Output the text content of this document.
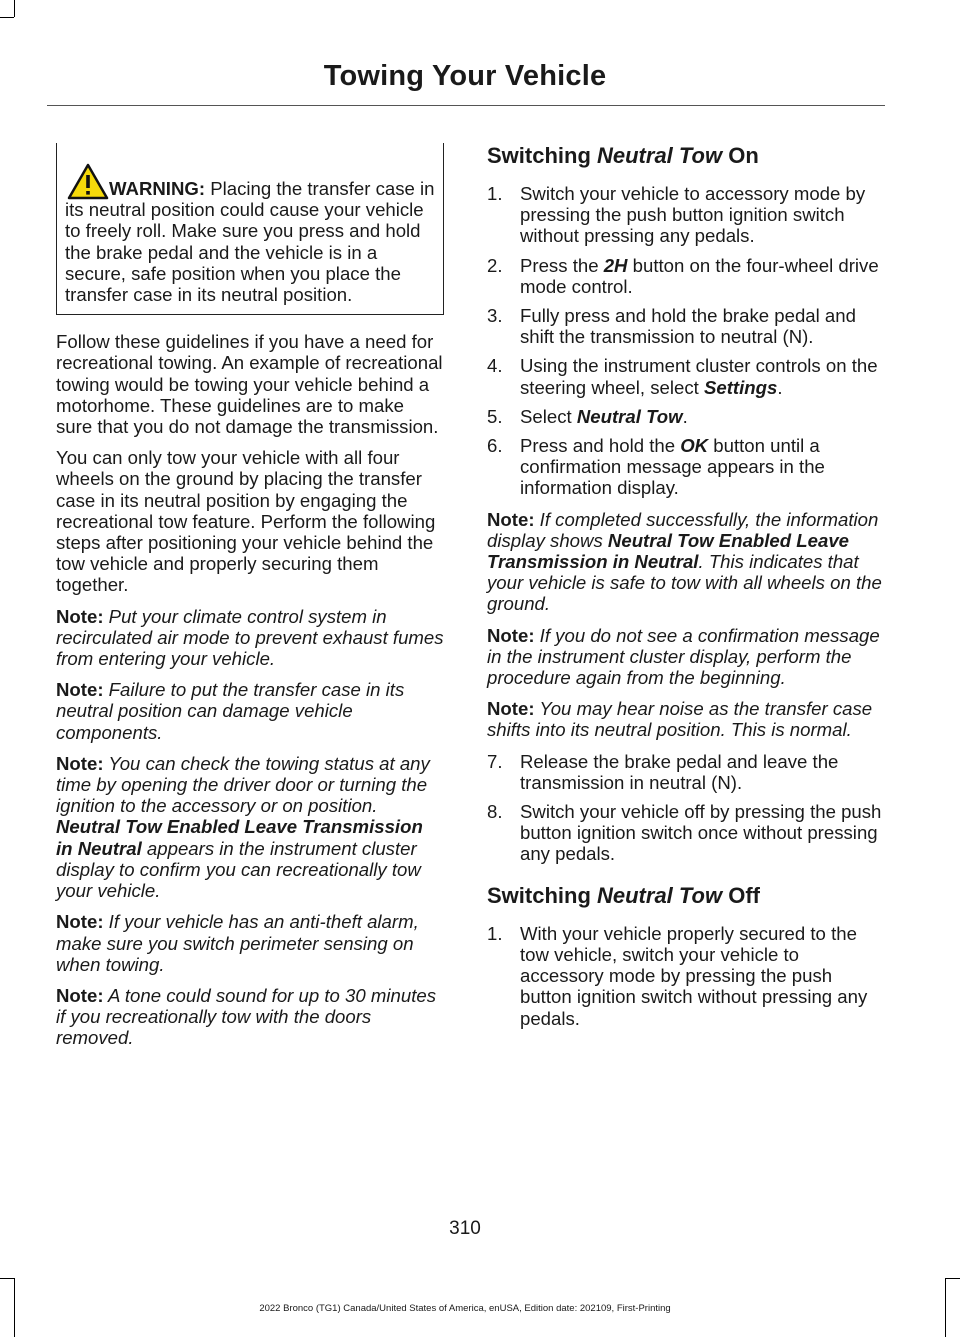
Towing Your Vehicle

WARNING: Placing the transfer case in its neutral position could cause your vehicle to freely roll. Make sure you press and hold the brake pedal and the vehicle is in a secure, safe position when you place the transfer case in its neutral position.

Follow these guidelines if you have a need for recreational towing. An example of recreational towing would be towing your vehicle behind a motorhome. These guidelines are to make sure that you do not damage the transmission.

You can only tow your vehicle with all four wheels on the ground by placing the transfer case in its neutral position by engaging the recreational tow feature. Perform the following steps after positioning your vehicle behind the tow vehicle and properly securing them together.

Note: Put your climate control system in recirculated air mode to prevent exhaust fumes from entering your vehicle.

Note: Failure to put the transfer case in its neutral position can damage vehicle components.

Note: You can check the towing status at any time by opening the driver door or turning the ignition to the accessory or on position. Neutral Tow Enabled Leave Transmission in Neutral appears in the instrument cluster display to confirm you can recreationally tow your vehicle.

Note: If your vehicle has an anti-theft alarm, make sure you switch perimeter sensing on when towing.

Note: A tone could sound for up to 30 minutes if you recreationally tow with the doors removed.

Switching Neutral Tow On
1. Switch your vehicle to accessory mode by pressing the push button ignition switch without pressing any pedals.
2. Press the 2H button on the four-wheel drive mode control.
3. Fully press and hold the brake pedal and shift the transmission to neutral (N).
4. Using the instrument cluster controls on the steering wheel, select Settings.
5. Select Neutral Tow.
6. Press and hold the OK button until a confirmation message appears in the information display.

Note: If completed successfully, the information display shows Neutral Tow Enabled Leave Transmission in Neutral. This indicates that your vehicle is safe to tow with all wheels on the ground.

Note: If you do not see a confirmation message in the instrument cluster display, perform the procedure again from the beginning.

Note: You may hear noise as the transfer case shifts into its neutral position. This is normal.

7. Release the brake pedal and leave the transmission in neutral (N).
8. Switch your vehicle off by pressing the push button ignition switch once without pressing any pedals.
Switching Neutral Tow Off
1. With your vehicle properly secured to the tow vehicle, switch your vehicle to accessory mode by pressing the push button ignition switch without pressing any pedals.
310
2022 Bronco (TG1) Canada/United States of America, enUSA, Edition date: 202109, First-Printing
